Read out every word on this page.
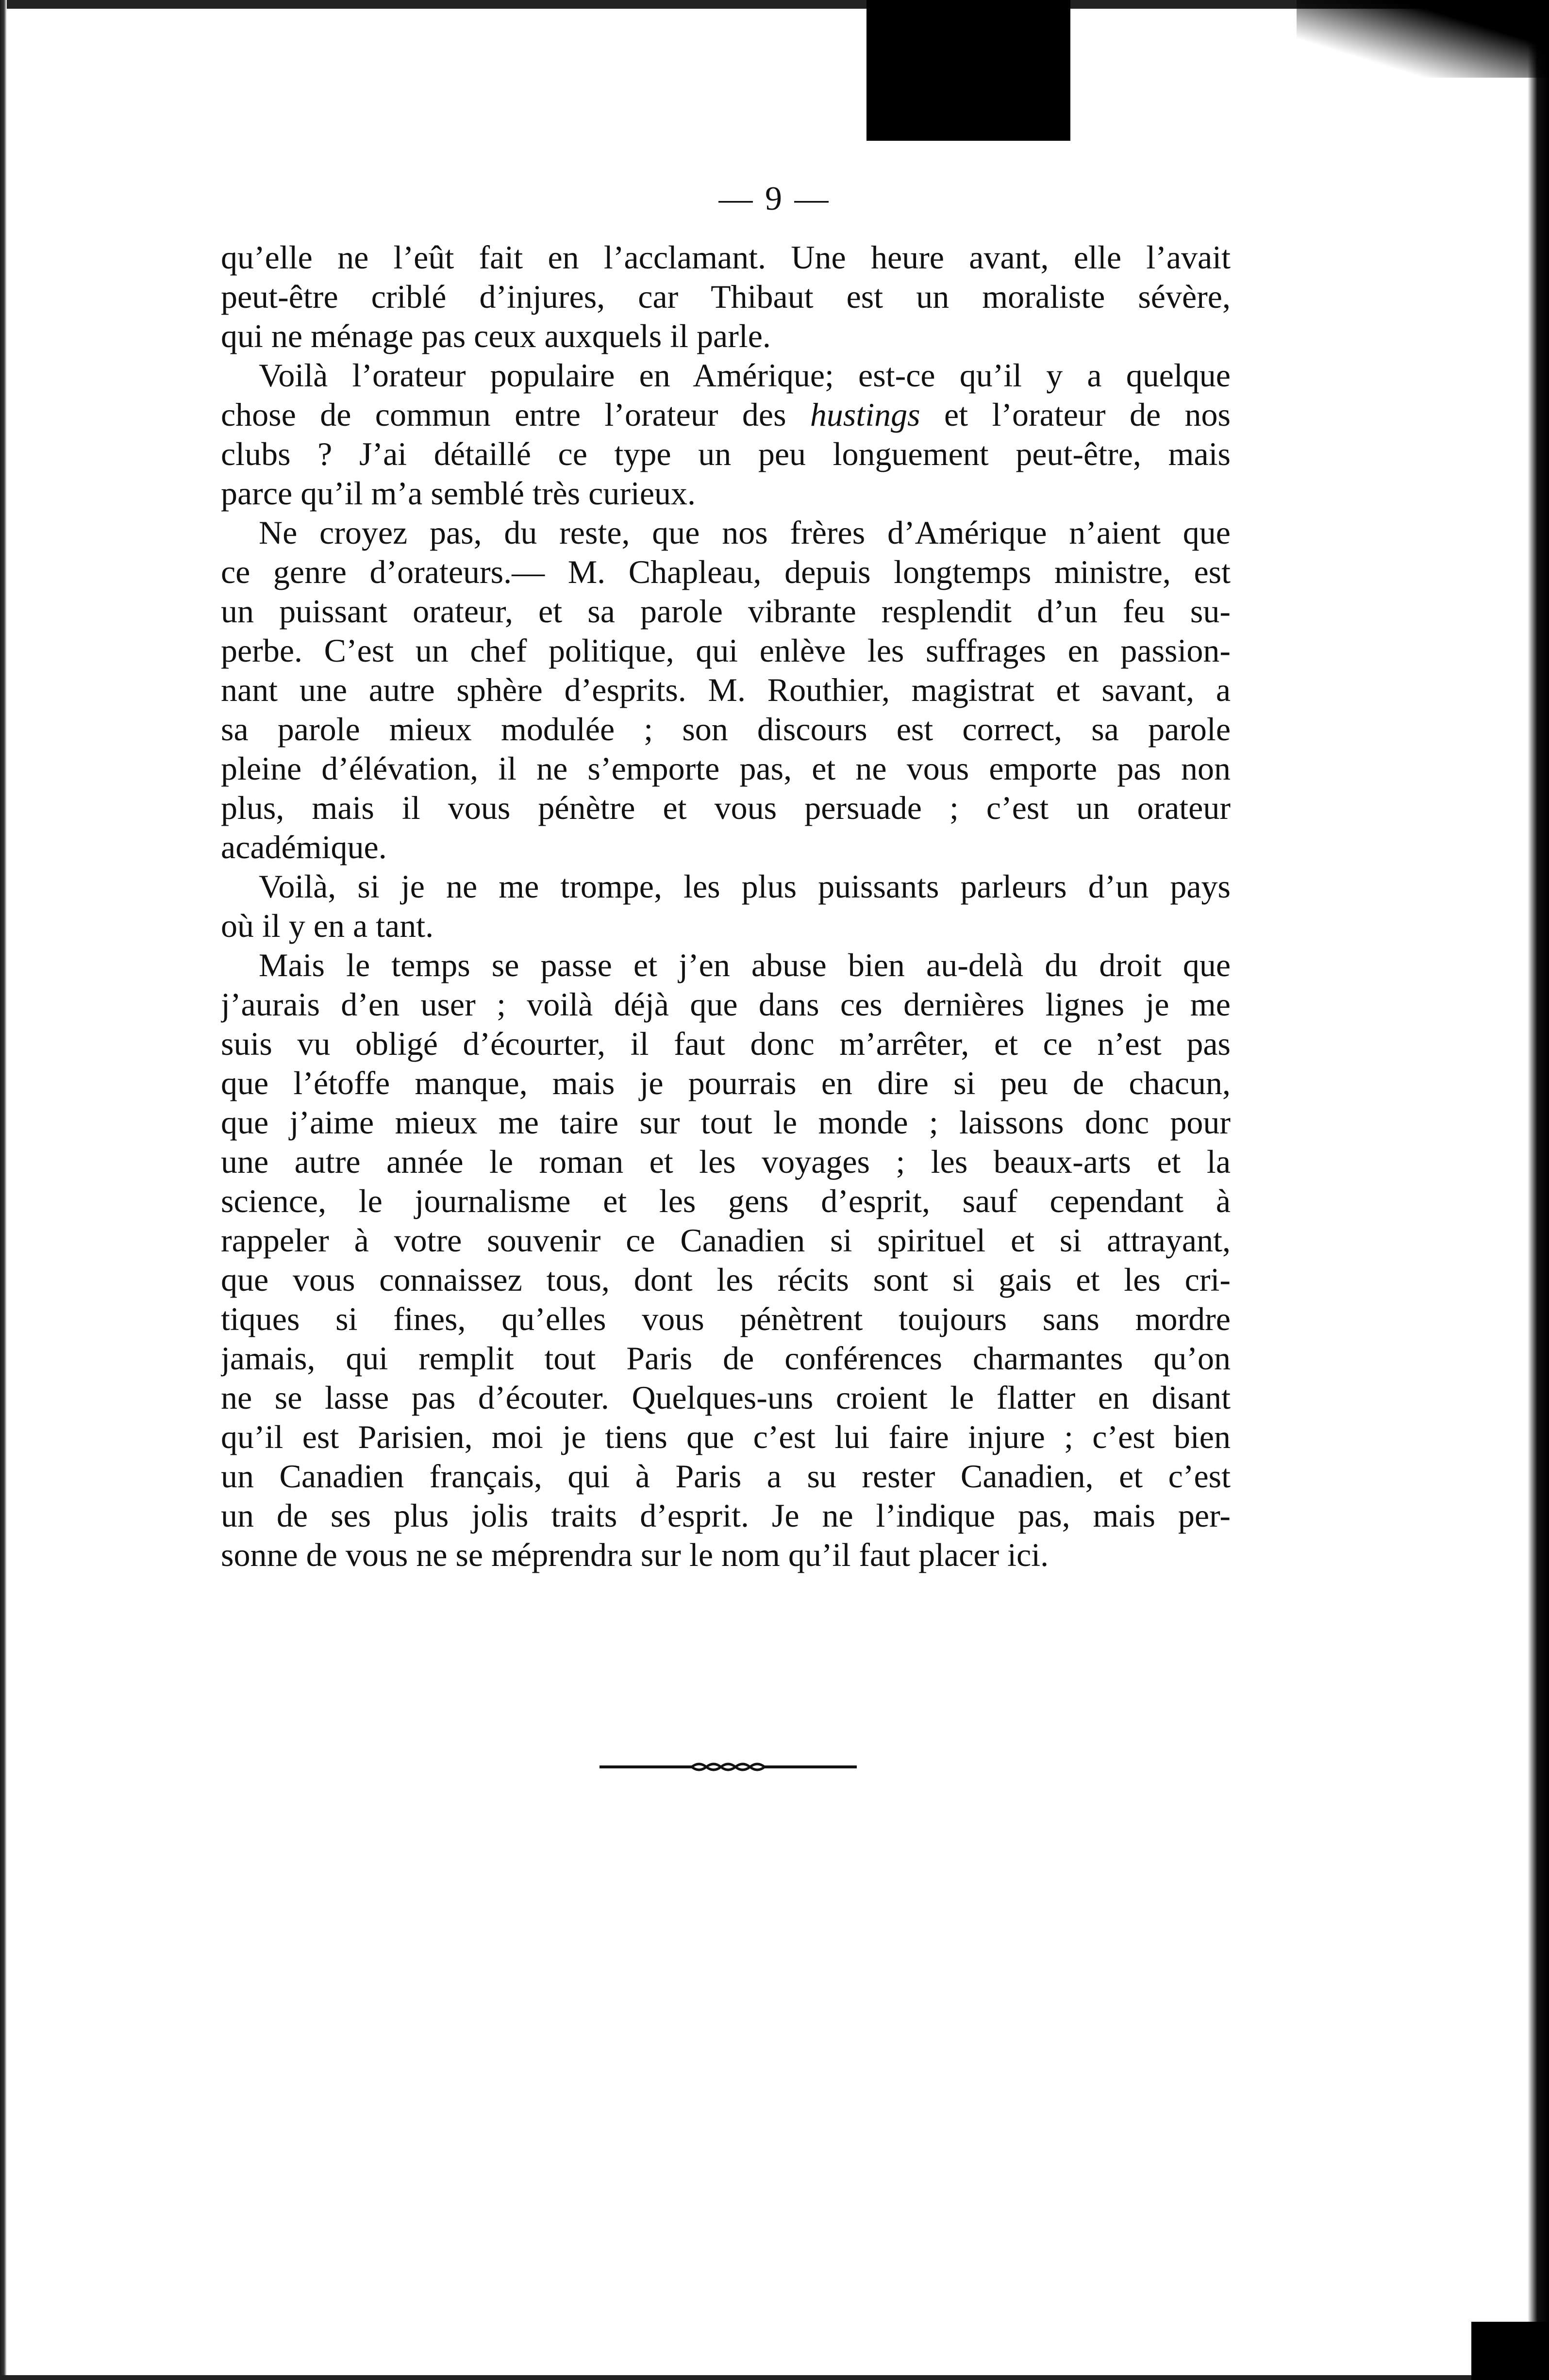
— 9 —
qu’elle ne l’eût fait en l’acclamant. Une heure avant, elle l’avait
peut-être criblé d’injures, car Thibaut est un moraliste sévère,
qui ne ménage pas ceux auxquels il parle.
Voilà l’orateur populaire en Amérique; est-ce qu’il y a quelque
chose de commun entre l’orateur des hustings et l’orateur de nos
clubs ? J’ai détaillé ce type un peu longuement peut-être, mais
parce qu’il m’a semblé très curieux.
Ne croyez pas, du reste, que nos frères d’Amérique n’aient que
ce genre d’orateurs.— M. Chapleau, depuis longtemps ministre, est
un puissant orateur, et sa parole vibrante resplendit d’un feu su-
perbe. C’est un chef politique, qui enlève les suffrages en passion-
nant une autre sphère d’esprits. M. Routhier, magistrat et savant, a
sa parole mieux modulée ; son discours est correct, sa parole
pleine d’élévation, il ne s’emporte pas, et ne vous emporte pas non
plus, mais il vous pénètre et vous persuade ; c’est un orateur
académique.
Voilà, si je ne me trompe, les plus puissants parleurs d’un pays
où il y en a tant.
Mais le temps se passe et j’en abuse bien au-delà du droit que
j’aurais d’en user ; voilà déjà que dans ces dernières lignes je me
suis vu obligé d’écourter, il faut donc m’arrêter, et ce n’est pas
que l’étoffe manque, mais je pourrais en dire si peu de chacun,
que j’aime mieux me taire sur tout le monde ; laissons donc pour
une autre année le roman et les voyages ; les beaux-arts et la
science, le journalisme et les gens d’esprit, sauf cependant à
rappeler à votre souvenir ce Canadien si spirituel et si attrayant,
que vous connaissez tous, dont les récits sont si gais et les cri-
tiques si fines, qu’elles vous pénètrent toujours sans mordre
jamais, qui remplit tout Paris de conférences charmantes qu’on
ne se lasse pas d’écouter. Quelques-uns croient le flatter en disant
qu’il est Parisien, moi je tiens que c’est lui faire injure ; c’est bien
un Canadien français, qui à Paris a su rester Canadien, et c’est
un de ses plus jolis traits d’esprit. Je ne l’indique pas, mais per-
sonne de vous ne se méprendra sur le nom qu’il faut placer ici.
